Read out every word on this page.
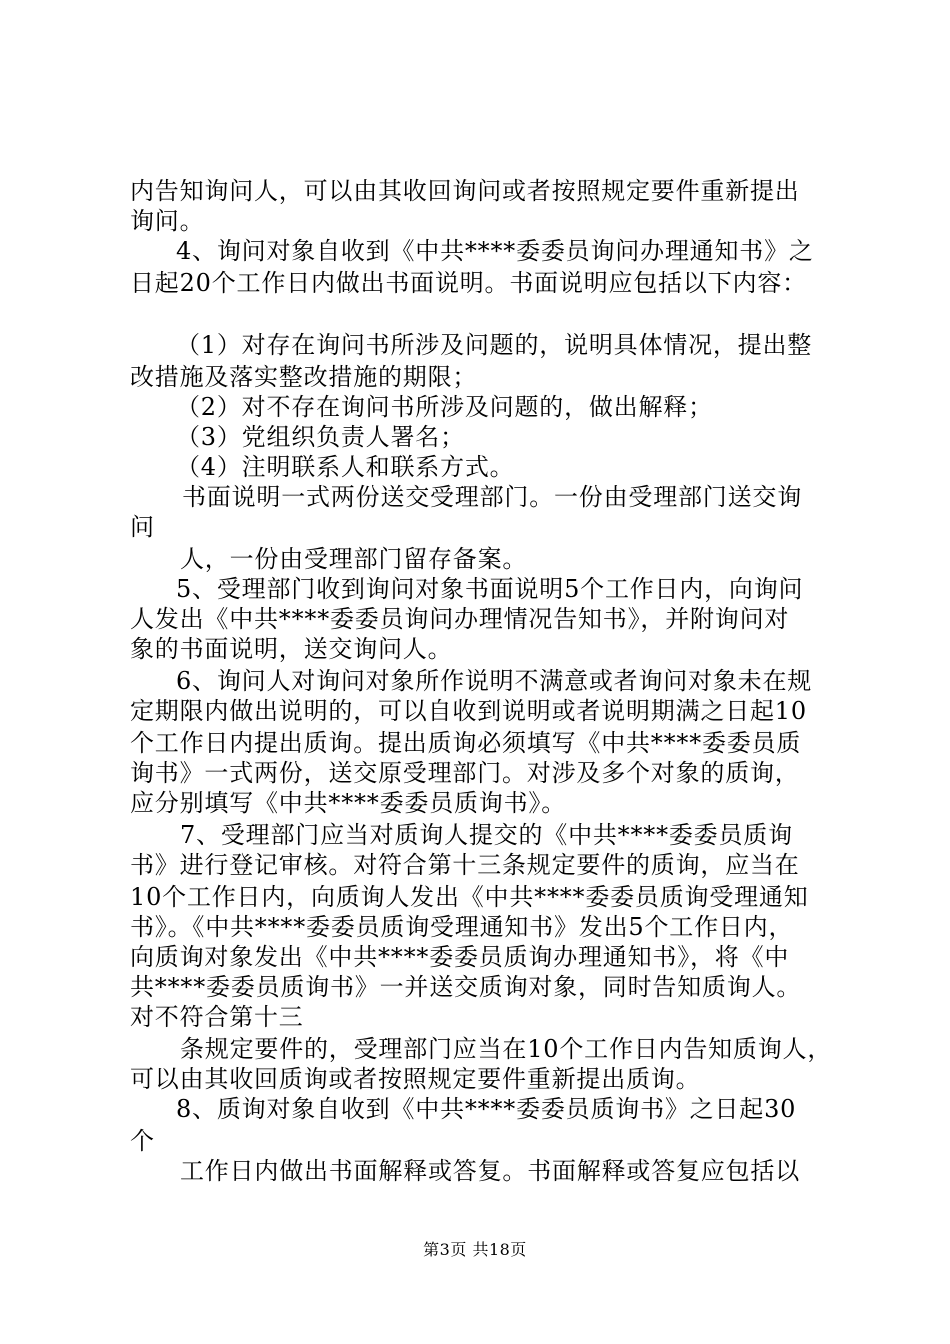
内告知询问人，可以由其收回询问或者按照规定要件重新提出
询问。
4、询问对象自收到《中共****委委员询问办理通知书》之
日起20个工作日内做出书面说明。书面说明应包括以下内容：
（1）对存在询问书所涉及问题的，说明具体情况，提出整
改措施及落实整改措施的期限；
（2）对不存在询问书所涉及问题的，做出解释；
（3）党组织负责人署名；
（4）注明联系人和联系方式。
书面说明一式两份送交受理部门。一份由受理部门送交询
问
人，一份由受理部门留存备案。
5、受理部门收到询问对象书面说明5个工作日内，向询问
人发出《中共****委委员询问办理情况告知书》，并附询问对
象的书面说明，送交询问人。
6、询问人对询问对象所作说明不满意或者询问对象未在规
定期限内做出说明的，可以自收到说明或者说明期满之日起10
个工作日内提出质询。提出质询必须填写《中共****委委员质
询书》一式两份，送交原受理部门。对涉及多个对象的质询，
应分别填写《中共****委委员质询书》。
7、受理部门应当对质询人提交的《中共****委委员质询
书》进行登记审核。对符合第十三条规定要件的质询，应当在
10个工作日内，向质询人发出《中共****委委员质询受理通知
书》。《中共****委委员质询受理通知书》发出5个工作日内，
向质询对象发出《中共****委委员质询办理通知书》，将《中
共****委委员质询书》一并送交质询对象，同时告知质询人。
对不符合第十三
条规定要件的，受理部门应当在10个工作日内告知质询人，
可以由其收回质询或者按照规定要件重新提出质询。
8、质询对象自收到《中共****委委员质询书》之日起30
个
工作日内做出书面解释或答复。书面解释或答复应包括以
第3页 共18页
